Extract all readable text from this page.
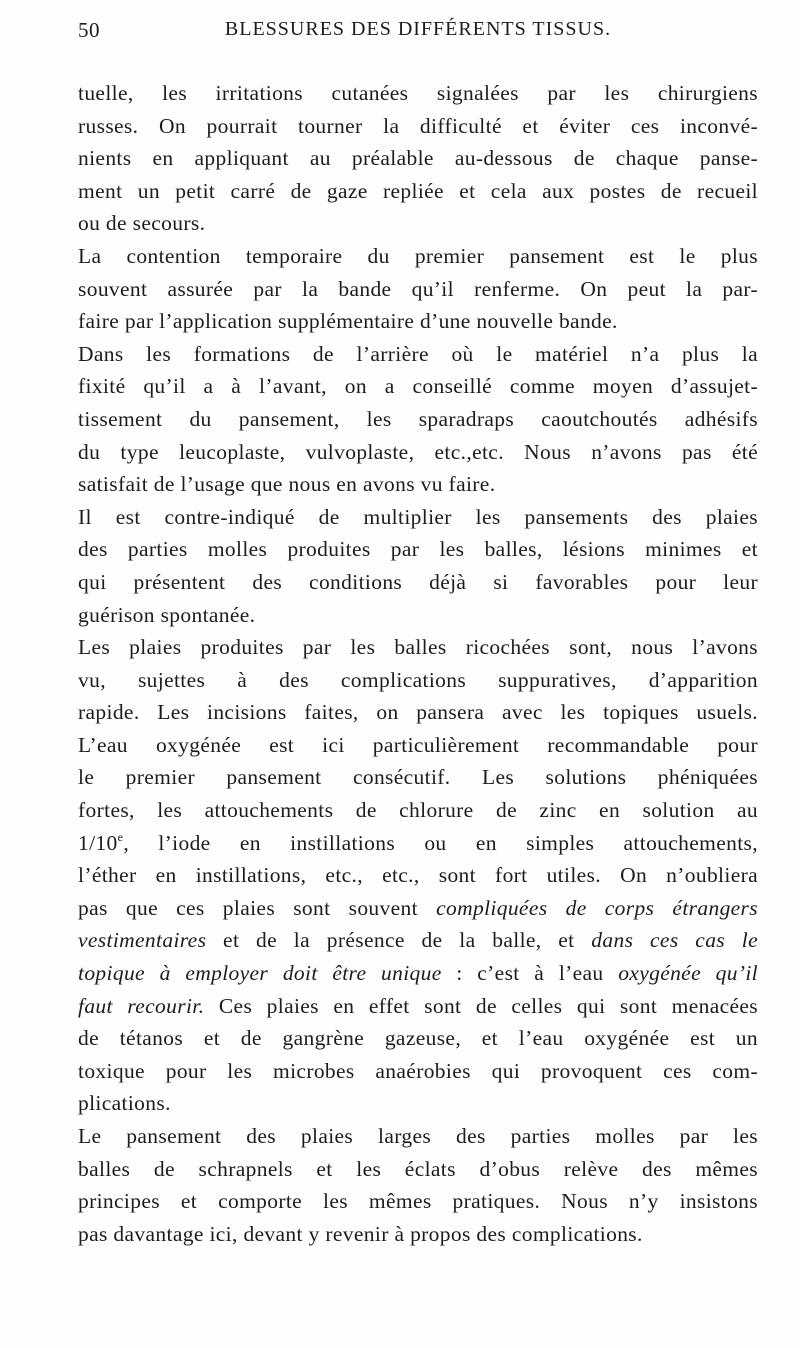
50	BLESSURES DES DIFFÉRENTS TISSUS.
tuelle, les irritations cutanées signalées par les chirurgiens
russes. On pourrait tourner la difficulté et éviter ces inconvé-
nients en appliquant au préalable au-dessous de chaque panse-
ment un petit carré de gaze repliée et cela aux postes de recueil
ou de secours.
La contention temporaire du premier pansement est le plus
souvent assurée par la bande qu’il renferme. On peut la par-
faire par l’application supplémentaire d’une nouvelle bande.
Dans les formations de l’arrière où le matériel n’a plus la
fixité qu’il a à l’avant, on a conseillé comme moyen d’assujet-
tissement du pansement, les sparadraps caoutchoutés adhésifs
du type leucoplaste, vulvoplaste, etc.,etc. Nous n’avons pas été
satisfait de l’usage que nous en avons vu faire.
Il est contre-indiqué de multiplier les pansements des plaies
des parties molles produites par les balles, lésions minimes et
qui présentent des conditions déjà si favorables pour leur
guérison spontanée.
Les plaies produites par les balles ricochées sont, nous l’avons
vu, sujettes à des complications suppuratives, d’apparition
rapide. Les incisions faites, on pansera avec les topiques usuels.
L’eau oxygénée est ici particulièrement recommandable pour
le premier pansement consécutif. Les solutions phéniquées
fortes, les attouchements de chlorure de zinc en solution au
1/10e, l’iode en instillations ou en simples attouchements,
l’éther en instillations, etc., etc., sont fort utiles. On n’oubliera
pas que ces plaies sont souvent compliquées de corps étrangers
vestimentaires et de la présence de la balle, et dans ces cas le
topique à employer doit être unique : c’est à l’eau oxygénée qu’il
faut recourir. Ces plaies en effet sont de celles qui sont menacées
de tétanos et de gangrène gazeuse, et l’eau oxygénée est un
toxique pour les microbes anaérobies qui provoquent ces com-
plications.
Le pansement des plaies larges des parties molles par les
balles de schrapnels et les éclats d’obus relève des mêmes
principes et comporte les mêmes pratiques. Nous n’y insistons
pas davantage ici, devant y revenir à propos des complications.
